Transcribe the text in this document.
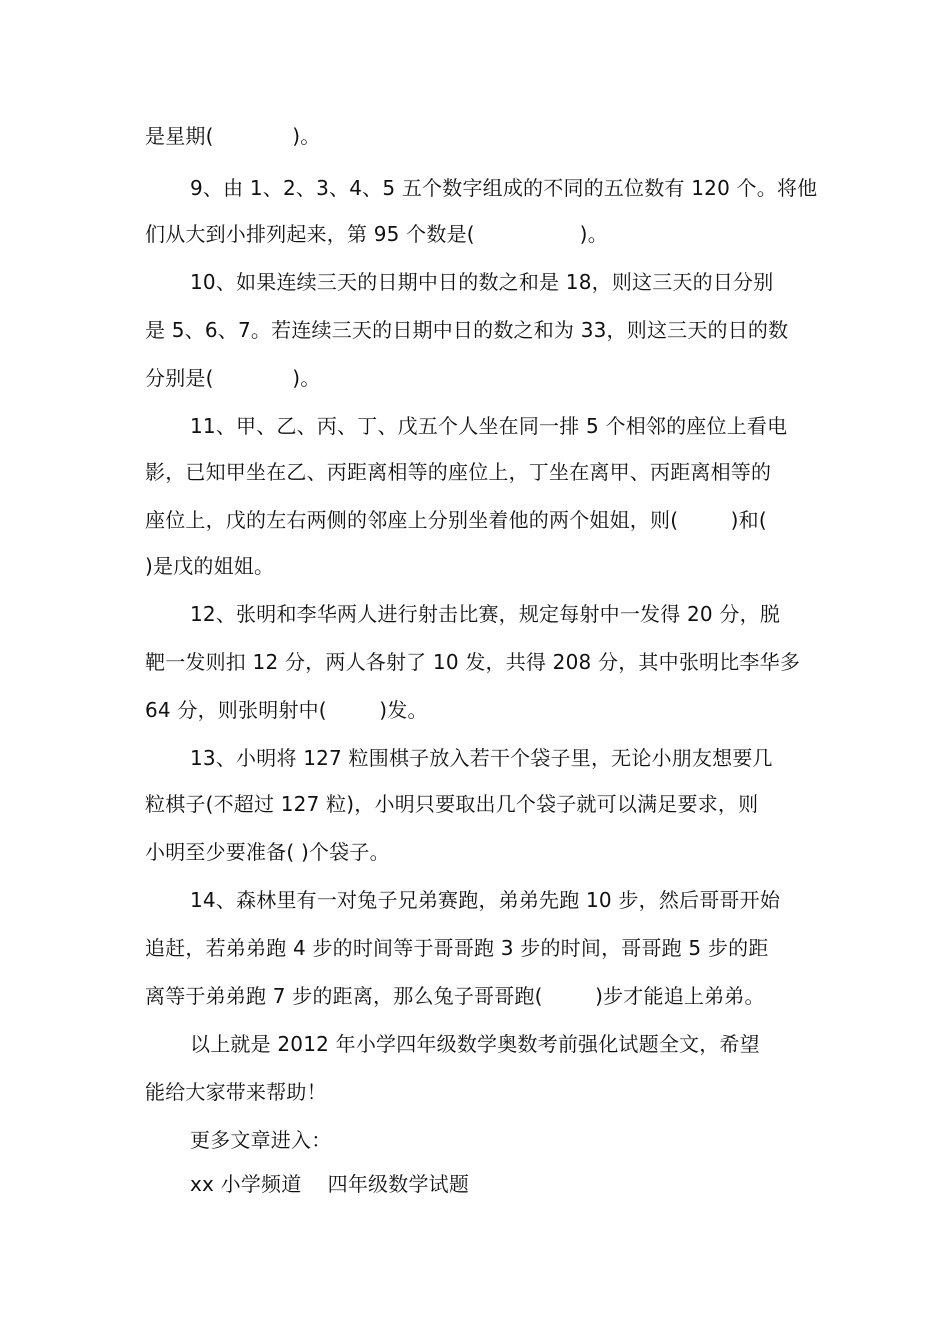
是星期(            )。
9、由 1、2、3、4、5 五个数字组成的不同的五位数有 120 个。将他
们从大到小排列起来，第 95 个数是(                )。
10、如果连续三天的日期中日的数之和是 18，则这三天的日分别
是 5、6、7。若连续三天的日期中日的数之和为 33，则这三天的日的数
分别是(            )。
11、甲、乙、丙、丁、戊五个人坐在同一排 5 个相邻的座位上看电
影，已知甲坐在乙、丙距离相等的座位上，丁坐在离甲、丙距离相等的
座位上，戊的左右两侧的邻座上分别坐着他的两个姐姐，则(        )和(
)是戊的姐姐。
12、张明和李华两人进行射击比赛，规定每射中一发得 20 分，脱
靶一发则扣 12 分，两人各射了 10 发，共得 208 分，其中张明比李华多
64 分，则张明射中(        )发。
13、小明将 127 粒围棋子放入若干个袋子里，无论小朋友想要几
粒棋子(不超过 127 粒)，小明只要取出几个袋子就可以满足要求，则
小明至少要准备( )个袋子。
14、森林里有一对兔子兄弟赛跑，弟弟先跑 10 步，然后哥哥开始
追赶，若弟弟跑 4 步的时间等于哥哥跑 3 步的时间，哥哥跑 5 步的距
离等于弟弟跑 7 步的距离，那么兔子哥哥跑(        )步才能追上弟弟。
以上就是 2012 年小学四年级数学奥数考前强化试题全文，希望
能给大家带来帮助！
更多文章进入：
xx 小学频道    四年级数学试题
